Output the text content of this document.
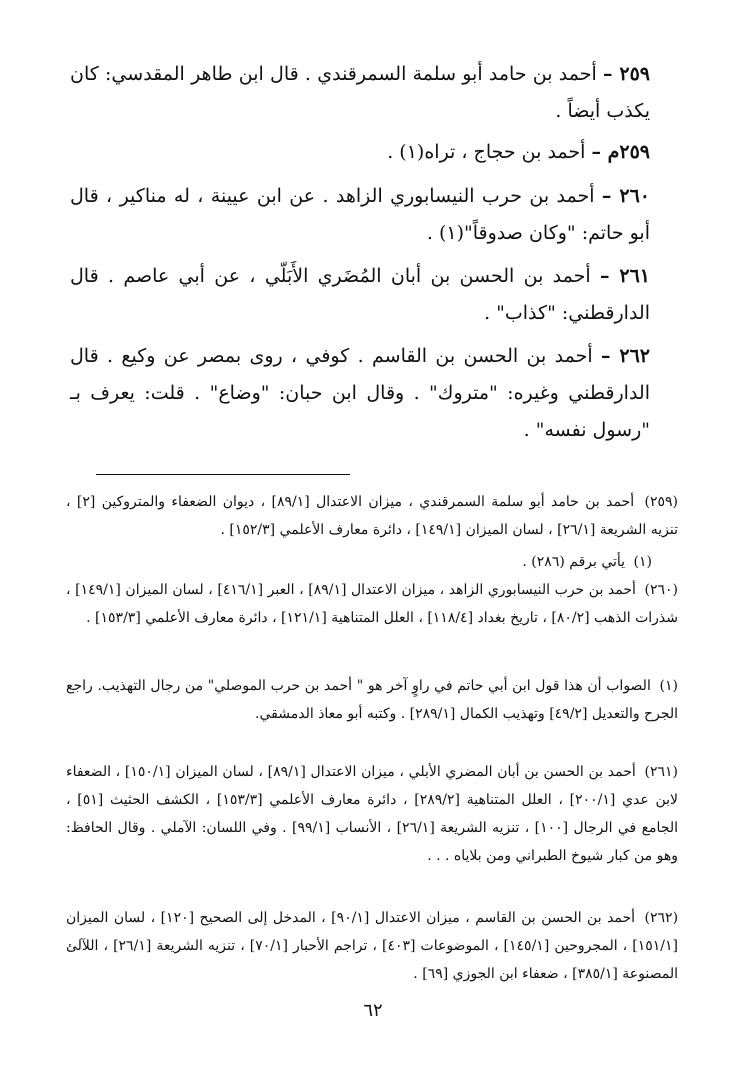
٢٥٩ – أحمد بن حامد أبو سلمة السمرقندي . قال ابن طاهر المقدسي: كان يكذب أيضاً .
٢٥٩م – أحمد بن حجاج ، تراه(١) .
٢٦٠ – أحمد بن حرب النيسابوري الزاهد . عن ابن عيينة ، له مناكير ، قال أبو حاتم: "وكان صدوقاً"(١) .
٢٦١ – أحمد بن الحسن بن أبان المُضَري الأَبَلّي ، عن أبي عاصم . قال الدارقطني: "كذاب" .
٢٦٢ – أحمد بن الحسن بن القاسم . كوفي ، روى بمصر عن وكيع . قال الدارقطني وغيره: "متروك" . وقال ابن حبان: "وضاع" . قلت: يعرف بـ "رسول نفسه" .
(٢٥٩) أحمد بن حامد أبو سلمة السمرقندي ، ميزان الاعتدال [٨٩/١] ، ديوان الضعفاء والمتروكين [٢] ، تنزيه الشريعة [٢٦/١] ، لسان الميزان [١٤٩/١] ، دائرة معارف الأعلمي [١٥٢/٣] .
(١) يأتي برقم (٢٨٦) .
(٢٦٠) أحمد بن حرب النيسابوري الزاهد ، ميزان الاعتدال [٨٩/١] ، العبر [٤١٦/١] ، لسان الميزان [١٤٩/١] ، شذرات الذهب [٨٠/٢] ، تاريخ بغداد [١١٨/٤] ، العلل المتناهية [١٢١/١] ، دائرة معارف الأعلمي [١٥٣/٣] .
(١) الصواب أن هذا قول ابن أبي حاتم في راوٍ آخر هو " أحمد بن حرب الموصلي" من رجال التهذيب. راجع الجرح والتعديل [٤٩/٢] وتهذيب الكمال [٢٨٩/١] . وكتبه أبو معاذ الدمشقي.
(٢٦١) أحمد بن الحسن بن أبان المضري الأبلي ، ميزان الاعتدال [٨٩/١] ، لسان الميزان [١٥٠/١] ، الضعفاء لابن عدي [٢٠٠/١] ، العلل المتناهية [٢٨٩/٢] ، دائرة معارف الأعلمي [١٥٣/٣] ، الكشف الحثيث [٥١] ، الجامع في الرجال [١٠٠] ، تنزيه الشريعة [٢٦/١] ، الأنساب [٩٩/١] . وفي اللسان: الآملي . وقال الحافظ: وهو من كبار شيوخ الطبراني ومن بلاياه . . .
(٢٦٢) أحمد بن الحسن بن القاسم ، ميزان الاعتدال [٩٠/١] ، المدخل إلى الصحيح [١٢٠] ، لسان الميزان [١٥١/١] ، المجروحين [١٤٥/١] ، الموضوعات [٤٠٣] ، تراجم الأحبار [٧٠/١] ، تنزيه الشريعة [٢٦/١] ، اللآلئ المصنوعة [٣٨٥/١] ، ضعفاء ابن الجوزي [٦٩] .
٦٢
